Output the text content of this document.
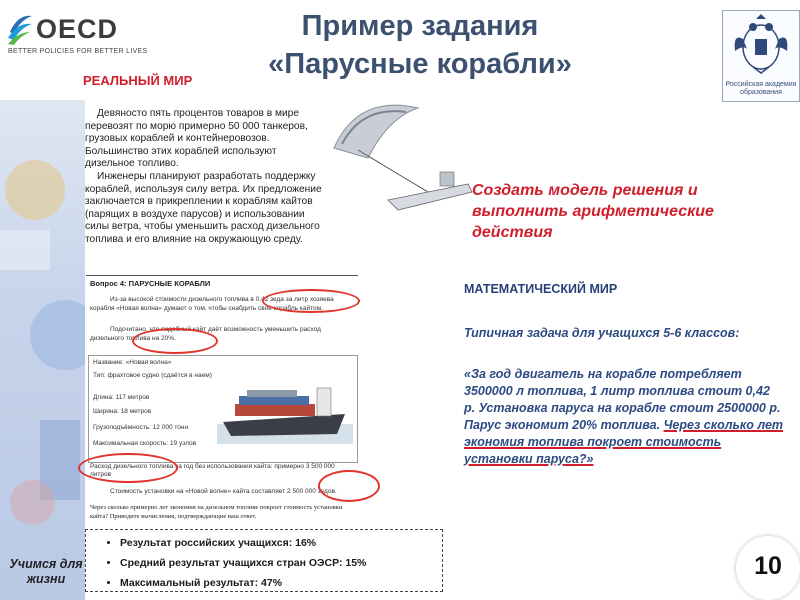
OECD
BETTER POLICIES FOR BETTER LIVES
Пример задания
«Парусные корабли»
Российская академия образования
РЕАЛЬНЫЙ МИР

Девяносто пять процентов товаров в мире перевозят по морю примерно 50 000 танкеров, грузовых кораблей и контейнеровозов. Большинство этих кораблей используют дизельное топливо.

Инженеры планируют разработать поддержку кораблей, используя силу ветра. Их предложение заключается в прикреплении к кораблям кайтов (парящих в воздухе парусов) и использовании силы ветра, чтобы уменьшить расход дизельного топлива и его влияние на окружающую среду.

Вопрос 4: ПАРУСНЫЕ КОРАБЛИ
Из-за высокой стоимости дизельного топлива в 0,42 зеда за литр хозяева корабля «Новая волна» думают о том, чтобы снабдить своё корабль кайтом.
Подсчитано, что подобный кайт даёт возможность уменьшить расход дизельного топлива на 20%.
Название: «Новая волна»
Тип: фрахтовое судно (сдаётся в наем)
Длина: 117 метров
Ширина: 18 метров
Грузоподъёмность: 12 000 тонн
Максимальная скорость: 19 узлов
Расход дизельного топлива за год без использования кайта: примерно 3 500 000 литров
Стоимость установки на «Новой волне» кайта составляет 2 500 000 зедов.
Через сколько примерно лет экономия на дизельном топливе покроет стоимость установки кайта? Приведите вычисления, подтверждающие ваш ответ.
• Результат российских учащихся: 16%
• Средний результат учащихся стран ОЭСР: 15%
• Максимальный результат: 47%
Учимся для жизни
Создать модель решения и выполнить арифметические действия
МАТЕМАТИЧЕСКИЙ МИР
Типичная задача для учащихся 5-6 классов:
«За год двигатель на корабле потребляет 3500000 л топлива, 1 литр топлива стоит 0,42 р. Установка паруса на корабле стоит 2500000 р. Парус экономит 20% топлива. Через сколько лет экономия топлива покроет стоимость установки паруса?»
10
